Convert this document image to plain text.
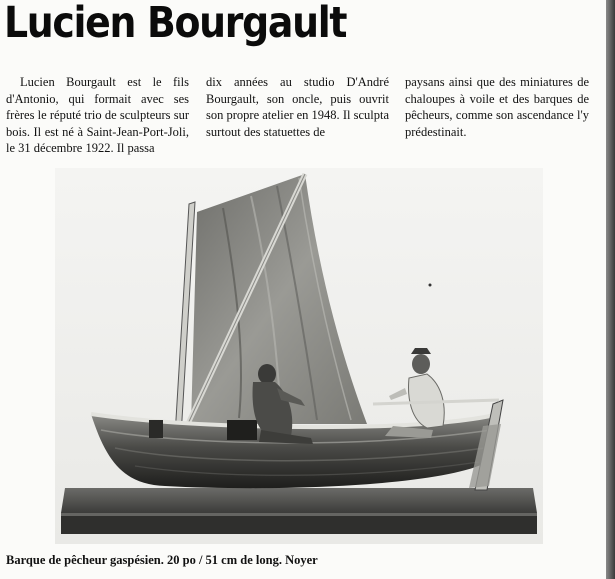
Lucien Bourgault

Lucien Bourgault est le fils d'Antonio, qui formait avec ses frères le réputé trio de sculpteurs sur bois. Il est né à Saint-Jean-Port-Joli, le 31 décembre 1922. Il passa

dix années au studio D'André Bourgault, son oncle, puis ouvrit son propre atelier en 1948. Il sculpta surtout des statuettes de

paysans ainsi que des miniatures de chaloupes à voile et des barques de pêcheurs, comme son ascendance l'y prédestinait.

Barque de pêcheur gaspésien. 20 po / 51 cm de long. Noyer
